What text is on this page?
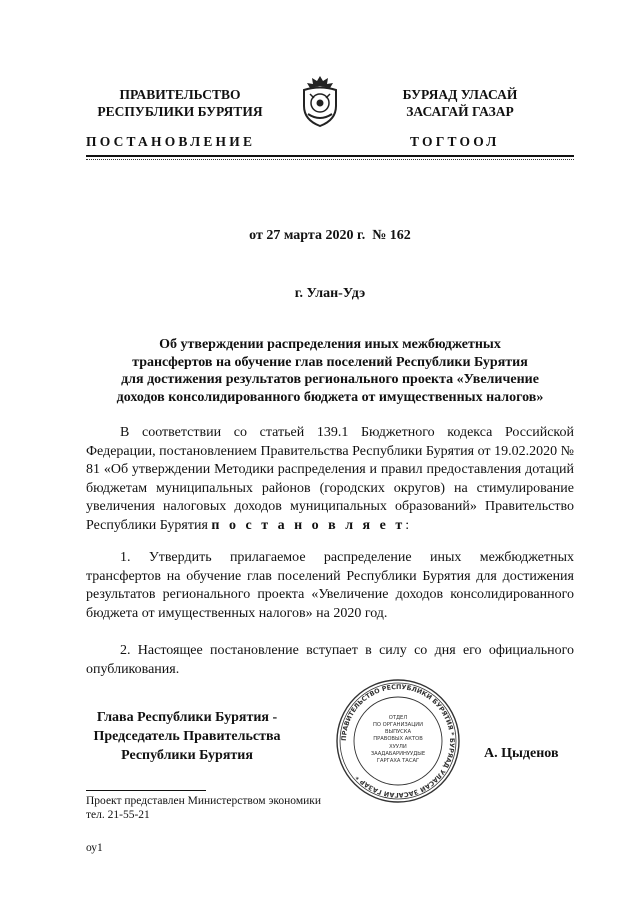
ПРАВИТЕЛЬСТВО
РЕСПУБЛИКИ БУРЯТИЯ
БУРЯАД УЛАСАЙ
ЗАСАГАЙ ГАЗАР
ПОСТАНОВЛЕНИЕ	ТОГТООЛ
от 27 марта 2020 г.  № 162
г. Улан-Удэ
Об утверждении распределения иных межбюджетных
трансфертов на обучение глав поселений Республики Бурятия
для достижения результатов регионального проекта «Увеличение
доходов консолидированного бюджета от имущественных налогов»
В соответствии со статьей 139.1 Бюджетного кодекса Российской Федерации, постановлением Правительства Республики Бурятия от 19.02.2020 № 81 «Об утверждении Методики распределения и правил предоставления дотаций бюджетам муниципальных районов (городских округов) на стимулирование увеличения налоговых доходов муниципальных образований» Правительство Республики Бурятия п о с т а н о в л я е т:
1. Утвердить прилагаемое распределение иных межбюджетных трансфертов на обучение глав поселений Республики Бурятия для достижения результатов регионального проекта «Увеличение доходов консолидированного бюджета от имущественных налогов» на 2020 год.
2. Настоящее постановление вступает в силу со дня его официального опубликования.
Глава Республики Бурятия -
Председатель Правительства
Республики Бурятия
ПРАВИТЕЛЬСТВО РЕСПУБЛИКИ БУРЯТИЯ * БУРЯАД УЛАСАЙ ЗАСАГАЙ ГАЗАР *
ОТДЕЛ
ПО ОРГАНИЗАЦИИ
ВЫПУСКА
ПРАВОВЫХ АКТОВ
ХУУЛИ
ЗААДАБАРИНУУДЫЕ
ГАРГАХА ТАСАГ	А. Цыденов
Проект представлен Министерством экономики
тел. 21-55-21
оу1
